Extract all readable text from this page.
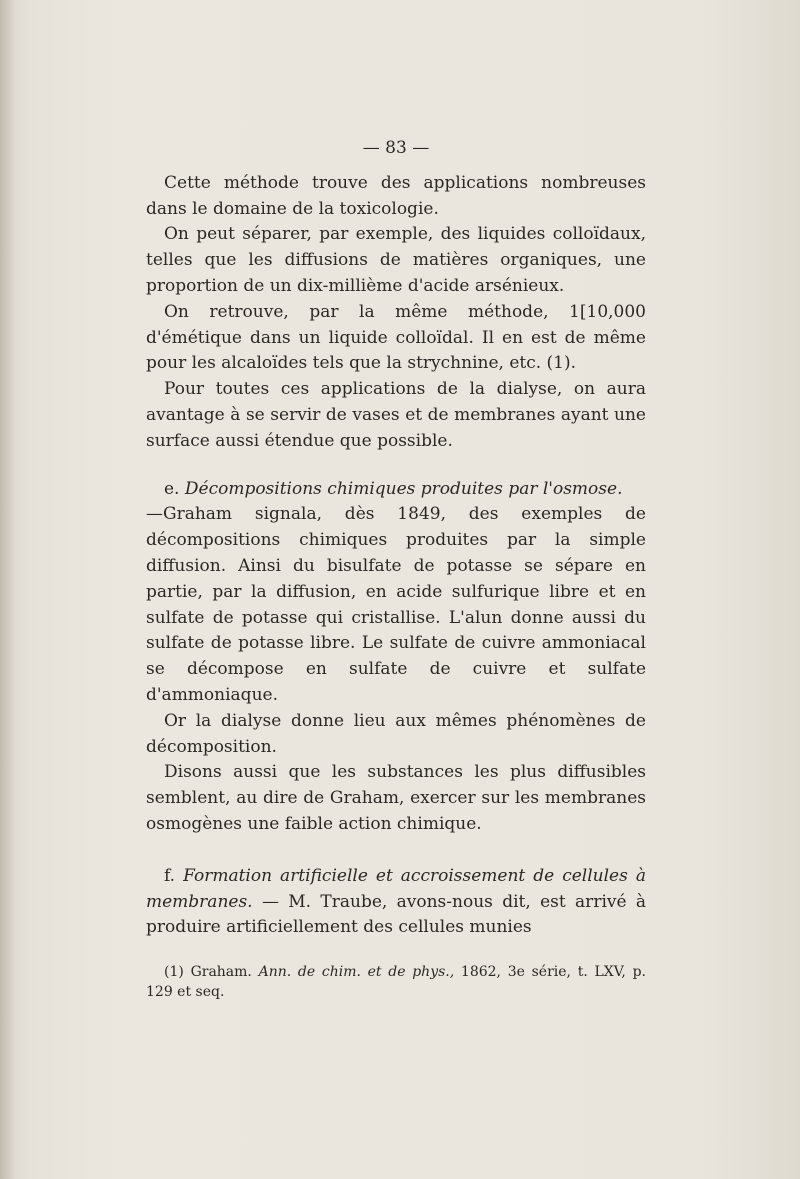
— 83 —

Cette méthode trouve des applications nombreuses dans le domaine de la toxicologie.

On peut séparer, par exemple, des liquides colloïdaux, telles que les diffusions de matières organiques, une proportion de un dix-millième d'acide arsénieux.

On retrouve, par la même méthode, 1[10,000 d'émétique dans un liquide colloïdal. Il en est de même pour les alcaloïdes tels que la strychnine, etc. (1).

Pour toutes ces applications de la dialyse, on aura avantage à se servir de vases et de membranes ayant une surface aussi étendue que possible.

e. Décompositions chimiques produites par l'osmose.

—Graham signala, dès 1849, des exemples de décompositions chimiques produites par la simple diffusion. Ainsi du bisulfate de potasse se sépare en partie, par la diffusion, en acide sulfurique libre et en sulfate de potasse qui cristallise. L'alun donne aussi du sulfate de potasse libre. Le sulfate de cuivre ammoniacal se décompose en sulfate de cuivre et sulfate d'ammoniaque.

Or la dialyse donne lieu aux mêmes phénomènes de décomposition.

Disons aussi que les substances les plus diffusibles semblent, au dire de Graham, exercer sur les membranes osmogènes une faible action chimique.

f. Formation artificielle et accroissement de cellules à membranes. — M. Traube, avons-nous dit, est arrivé à produire artificiellement des cellules munies

(1) Graham. Ann. de chim. et de phys., 1862, 3e série, t. LXV, p. 129 et seq.
